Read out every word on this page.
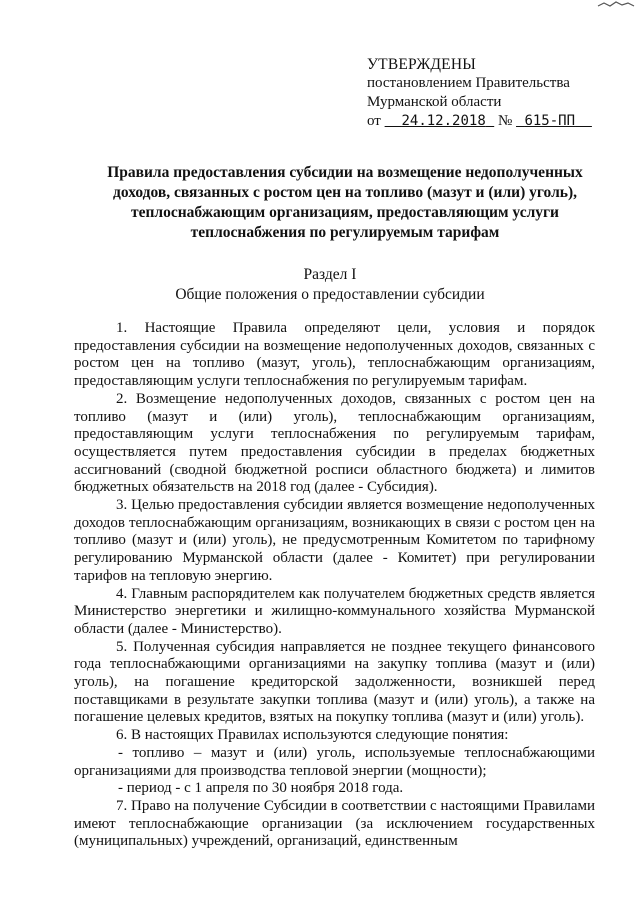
УТВЕРЖДЕНЫ
постановлением Правительства
Мурманской области
от 24.12.2018 № 615-ПП
Правила предоставления субсидии на возмещение недополученных доходов, связанных с ростом цен на топливо (мазут и (или) уголь), теплоснабжающим организациям, предоставляющим услуги теплоснабжения по регулируемым тарифам
Раздел I
Общие положения о предоставлении субсидии

1. Настоящие Правила определяют цели, условия и порядок предоставления субсидии на возмещение недополученных доходов, связанных с ростом цен на топливо (мазут, уголь), теплоснабжающим организациям, предоставляющим услуги теплоснабжения по регулируемым тарифам.

2. Возмещение недополученных доходов, связанных с ростом цен на топливо (мазут и (или) уголь), теплоснабжающим организациям, предоставляющим услуги теплоснабжения по регулируемым тарифам, осуществляется путем предоставления субсидии в пределах бюджетных ассигнований (сводной бюджетной росписи областного бюджета) и лимитов бюджетных обязательств на 2018 год (далее - Субсидия).

3. Целью предоставления субсидии является возмещение недополученных доходов теплоснабжающим организациям, возникающих в связи с ростом цен на топливо (мазут и (или) уголь), не предусмотренным Комитетом по тарифному регулированию Мурманской области (далее - Комитет) при регулировании тарифов на тепловую энергию.

4. Главным распорядителем как получателем бюджетных средств является Министерство энергетики и жилищно-коммунального хозяйства Мурманской области (далее - Министерство).

5. Полученная субсидия направляется не позднее текущего финансового года теплоснабжающими организациями на закупку топлива (мазут и (или) уголь), на погашение кредиторской задолженности, возникшей перед поставщиками в результате закупки топлива (мазут и (или) уголь), а также на погашение целевых кредитов, взятых на покупку топлива (мазут и (или) уголь).

6. В настоящих Правилах используются следующие понятия:

- топливо – мазут и (или) уголь, используемые теплоснабжающими организациями для производства тепловой энергии (мощности);

- период - с 1 апреля по 30 ноября 2018 года.

7. Право на получение Субсидии в соответствии с настоящими Правилами имеют теплоснабжающие организации (за исключением государственных (муниципальных) учреждений, организаций, единственным
